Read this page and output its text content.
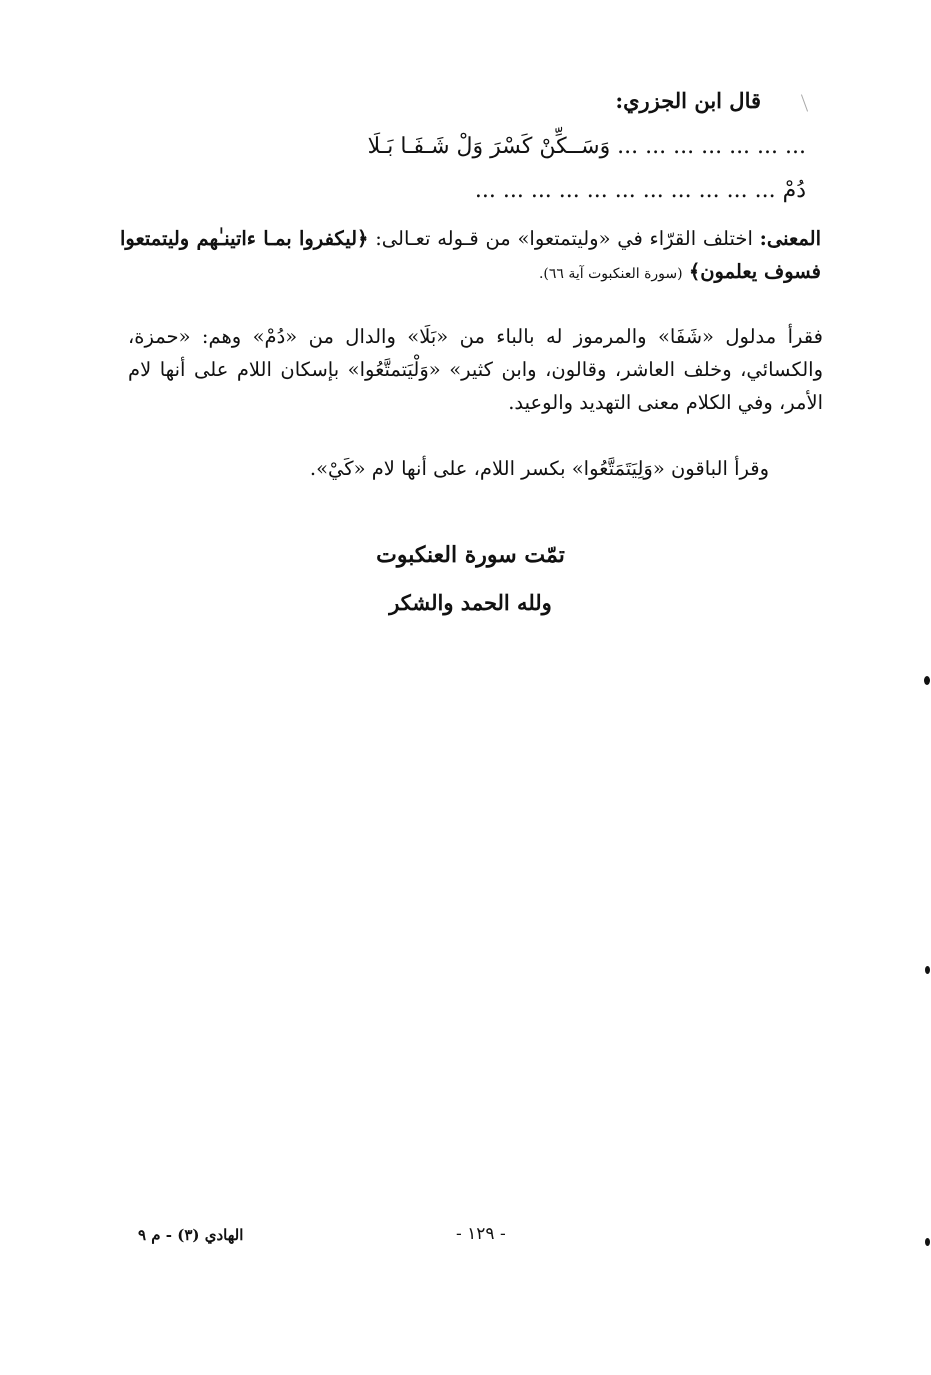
قال ابن الجزري:
... ... ... ... ... ... ... وَسَــكِّنْ كَسْرَ وَلْ شَـفَـا بَـلَا
دُمْ ... ... ... ... ... ... ... ... ... ... ...
المعنى: اختلف القرّاء في «وليتمتعوا» من قـوله تعـالى: ﴿ليكفروا بمـا ءاتينـٰهم وليتمتعوا فسوف يعلمون﴾ (سورة العنكبوت آية ٦٦).
فقرأ مدلول «شَفَا» والمرموز له بالباء من «بَلَا» والدال من «دُمْ» وهم: «حمزة، والكسائي، وخلف العاشر، وقالون، وابن كثير» «وَلْيَتمتَّعُوا» بإسكان اللام على أنها لام الأمر، وفي الكلام معنى التهديد والوعيد.
وقرأ الباقون «وَلِيَتَمَتَّعُوا» بكسر اللام، على أنها لام «كَيْ».
تمّت سورة العنكبوت
ولله الحمد والشكر
الهادي (٣) - م ٩	- ١٢٩ -
